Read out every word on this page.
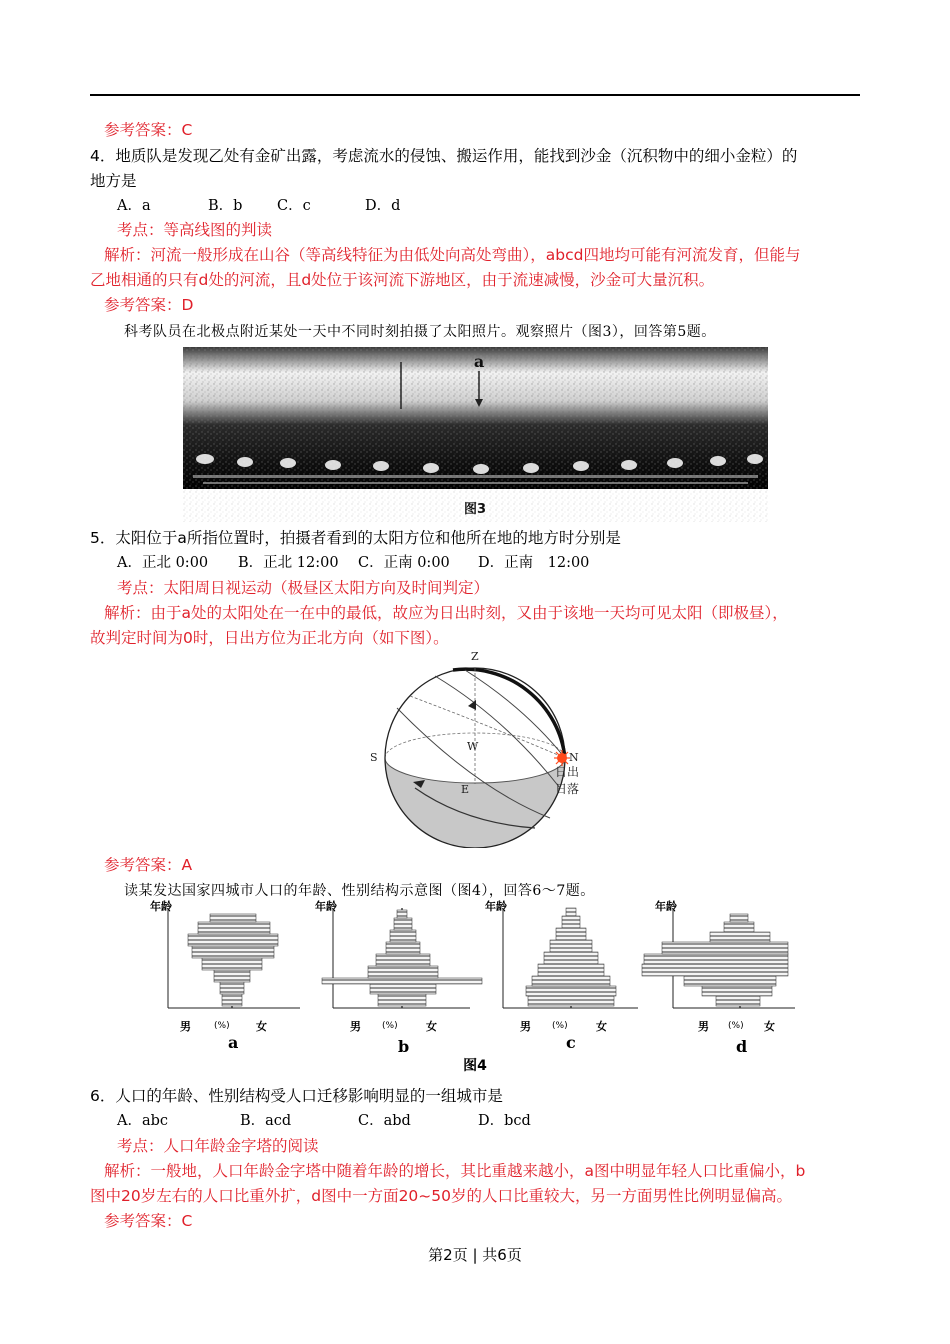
参考答案：C
4．地质队是发现乙处有金矿出露，考虑流水的侵蚀、搬运作用，能找到沙金（沉积物中的细小金粒）的
地方是
A．a	B．b C．c	D．d
考点：等高线图的判读
解析：河流一般形成在山谷（等高线特征为由低处向高处弯曲），abcd四地均可能有河流发育，但能与
乙地相通的只有d处的河流，且d处位于该河流下游地区，由于流速减慢，沙金可大量沉积。
参考答案：D
科考队员在北极点附近某处一天中不同时刻拍摄了太阳照片。观察照片（图3），回答第5题。
a
图3
5．太阳位于a所指位置时，拍摄者看到的太阳方位和他所在地的地方时分别是
A．正北 0:00 B．正北 12:00 C．正南 0:00 D．正南　12:00
考点：太阳周日视运动（极昼区太阳方向及时间判定）
解析：由于a处的太阳处在一在中的最低，故应为日出时刻，又由于该地一天均可见太阳（即极昼），
故判定时间为0时，日出方位为正北方向（如下图）。
Z
S	N
W
E
日出
日落
参考答案：A
读某发达国家四城市人口的年龄、性别结构示意图（图4），回答6～7题。
年龄
男	(%) 女
a
年龄
男 (%)	女
b
年龄
男 (%)	女
c
年龄
男 (%) 女
d
图4
6．人口的年龄、性别结构受人口迁移影响明显的一组城市是
A．abc	B．acd	C．abd	D．bcd
考点：人口年龄金字塔的阅读
解析：一般地，人口年龄金字塔中随着年龄的增长，其比重越来越小，a图中明显年轻人口比重偏小，b
图中20岁左右的人口比重外扩，d图中一方面20~50岁的人口比重较大，另一方面男性比例明显偏高。
参考答案：C
第2页 | 共6页
